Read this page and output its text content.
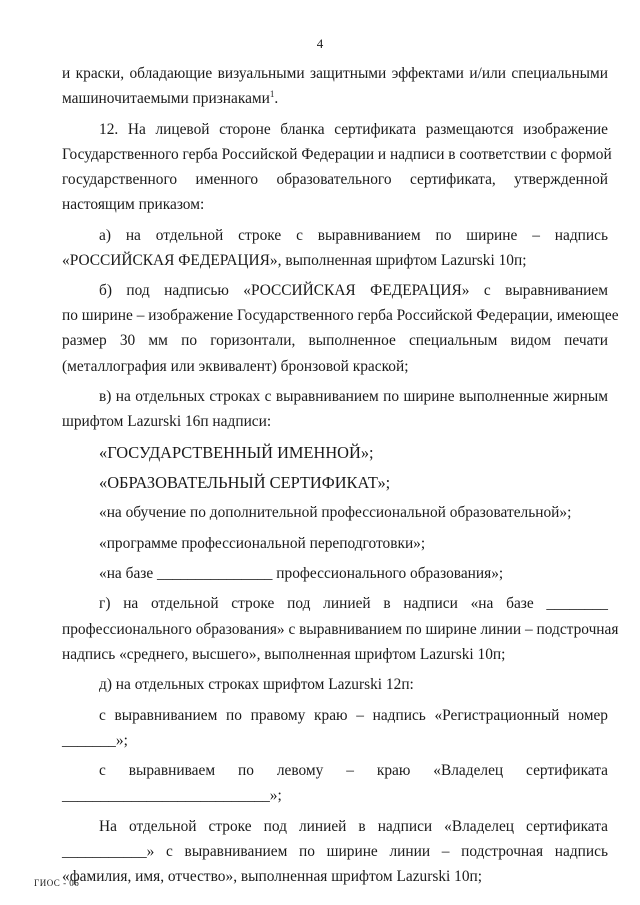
4
и краски, обладающие визуальными защитными эффектами и/или специальными
машиночитаемыми признаками$^1$.
12. На лицевой стороне бланка сертификата размещаются изображение
Государственного герба Российской Федерации и надписи в соответствии с формой
государственного именного образовательного сертификата, утвержденной
настоящим приказом:
а) на отдельной строке с выравниванием по ширине – надпись
«РОССИЙСКАЯ ФЕДЕРАЦИЯ», выполненная шрифтом Lazurski 10п;
б) под надписью «РОССИЙСКАЯ ФЕДЕРАЦИЯ» с выравниванием
по ширине – изображение Государственного герба Российской Федерации, имеющее
размер 30 мм по горизонтали, выполненное специальным видом печати
(металлография или эквивалент) бронзовой краской;
в) на отдельных строках с выравниванием по ширине выполненные жирным
шрифтом Lazurski 16п надписи:
«ГОСУДАРСТВЕННЫЙ ИМЕННОЙ»;
«ОБРАЗОВАТЕЛЬНЫЙ СЕРТИФИКАТ»;
«на обучение по дополнительной профессиональной образовательной»;
«программе профессиональной переподготовки»;
«на базе _______________ профессионального образования»;
г) на отдельной строке под линией в надписи «на базе ________
профессионального образования» с выравниванием по ширине линии – подстрочная
надпись «среднего, высшего», выполненная шрифтом Lazurski 10п;
д) на отдельных строках шрифтом Lazurski 12п:
с выравниванием по правому краю – надпись «Регистрационный номер
_______»;
с выравниваем по левому – краю «Владелец сертификата
___________________________»;
На отдельной строке под линией в надписи «Владелец сертификата
___________» с выравниванием по ширине линии – подстрочная надпись
«фамилия, имя, отчество», выполненная шрифтом Lazurski 10п;
ГИОС - 06
